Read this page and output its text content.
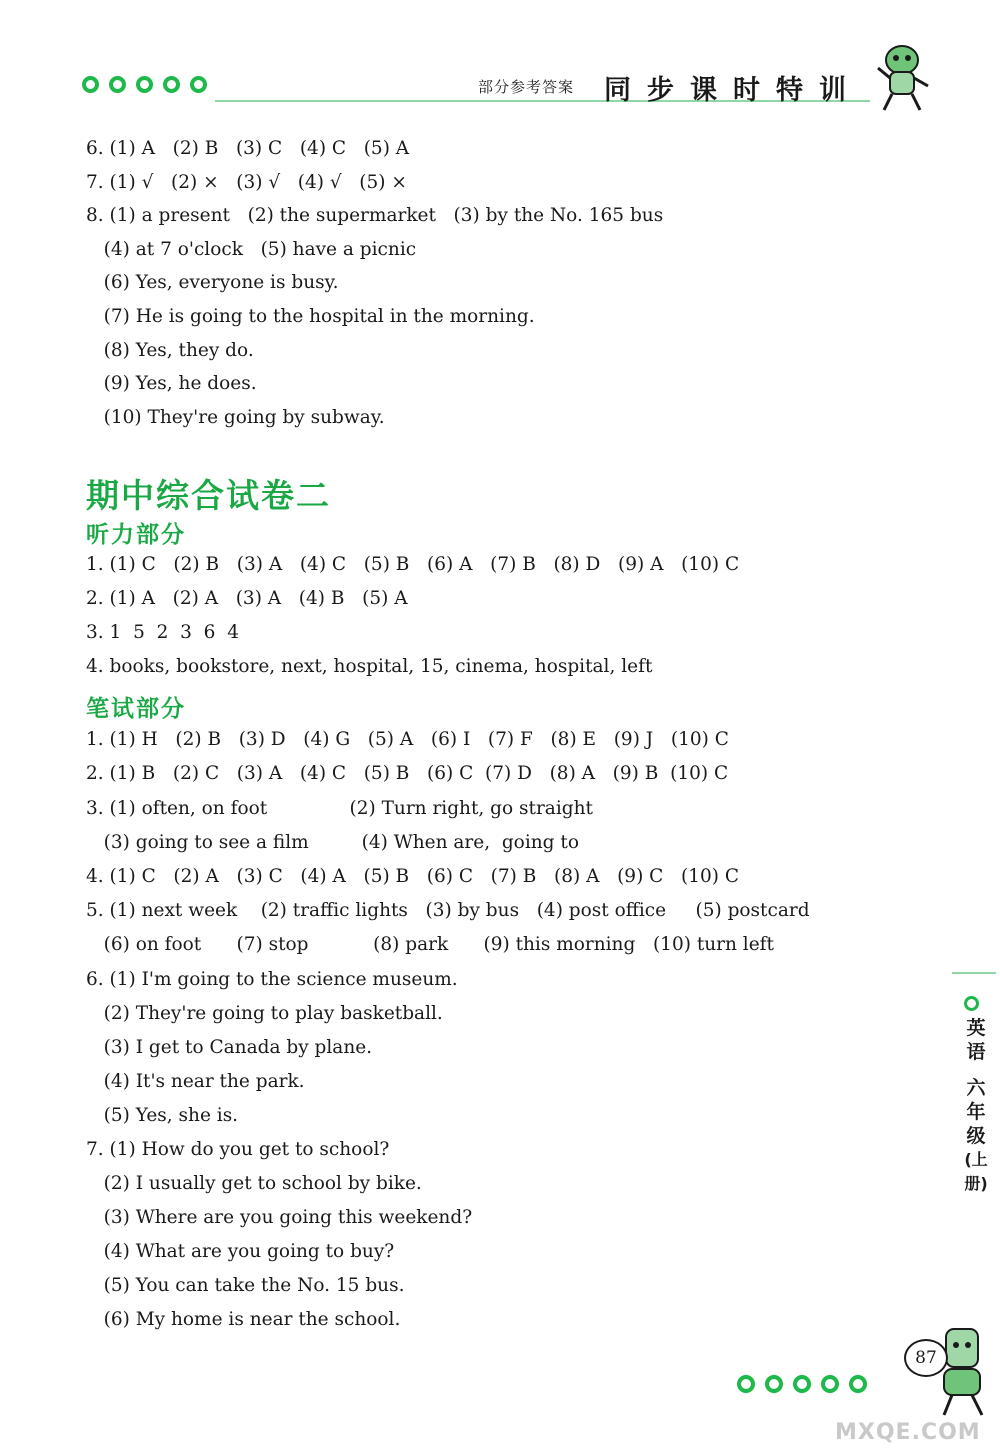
部分参考答案 同步课时特训
6. (1) A   (2) B   (3) C   (4) C   (5) A
7. (1) √   (2) ×   (3) √   (4) √   (5) ×
8. (1) a present   (2) the supermarket   (3) by the No. 165 bus
(4) at 7 o'clock   (5) have a picnic
(6) Yes, everyone is busy.
(7) He is going to the hospital in the morning.
(8) Yes, they do.
(9) Yes, he does.
(10) They're going by subway.
期中综合试卷二
听力部分
1. (1) C   (2) B   (3) A   (4) C   (5) B   (6) A   (7) B   (8) D   (9) A   (10) C
2. (1) A   (2) A   (3) A   (4) B   (5) A
3. 1  5  2  3  6  4
4. books, bookstore, next, hospital, 15, cinema, hospital, left
笔试部分
1. (1) H   (2) B   (3) D   (4) G   (5) A   (6) I   (7) F   (8) E   (9) J   (10) C
2. (1) B   (2) C   (3) A   (4) C   (5) B   (6) C  (7) D   (8) A   (9) B  (10) C
3. (1) often, on foot              (2) Turn right, go straight
(3) going to see a film         (4) When are,  going to
4. (1) C   (2) A   (3) C   (4) A   (5) B   (6) C   (7) B   (8) A   (9) C   (10) C
5. (1) next week    (2) traffic lights   (3) by bus   (4) post office     (5) postcard
(6) on foot      (7) stop           (8) park      (9) this morning   (10) turn left
6. (1) I'm going to the science museum.
(2) They're going to play basketball.
(3) I get to Canada by plane.
(4) It's near the park.
(5) Yes, she is.
7. (1) How do you get to school?
(2) I usually get to school by bike.
(3) Where are you going this weekend?
(4) What are you going to buy?
(5) You can take the No. 15 bus.
(6) My home is near the school.
英语
六年级
(上册)
87
MXQE.COM
